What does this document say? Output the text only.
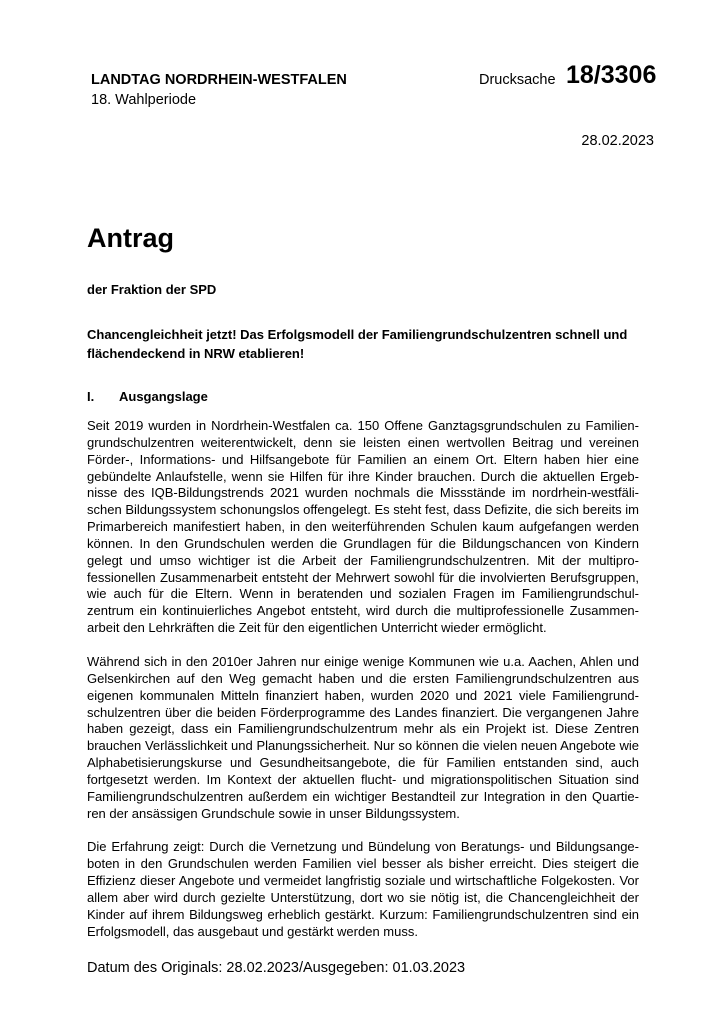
LANDTAG NORDRHEIN-WESTFALEN
18. Wahlperiode
Drucksache 18/3306
28.02.2023
Antrag
der Fraktion der SPD
Chancengleichheit jetzt! Das Erfolgsmodell der Familiengrundschulzentren schnell und flächendeckend in NRW etablieren!
I. Ausgangslage

Seit 2019 wurden in Nordrhein-Westfalen ca. 150 Offene Ganztagsgrundschulen zu Familiengrundschulzentren weiterentwickelt, denn sie leisten einen wertvollen Beitrag und vereinen Förder-, Informations- und Hilfsangebote für Familien an einem Ort. Eltern haben hier eine gebündelte Anlaufstelle, wenn sie Hilfen für ihre Kinder brauchen. Durch die aktuellen Ergebnisse des IQB-Bildungstrends 2021 wurden nochmals die Missstände im nordrhein-westfälischen Bildungssystem schonungslos offengelegt. Es steht fest, dass Defizite, die sich bereits im Primarbereich manifestiert haben, in den weiterführenden Schulen kaum aufgefangen werden können. In den Grundschulen werden die Grundlagen für die Bildungschancen von Kindern gelegt und umso wichtiger ist die Arbeit der Familiengrundschulzentren. Mit der multiprofessionellen Zusammenarbeit entsteht der Mehrwert sowohl für die involvierten Berufsgruppen, wie auch für die Eltern. Wenn in beratenden und sozialen Fragen im Familiengrundschulzentrum ein kontinuierliches Angebot entsteht, wird durch die multiprofessionelle Zusammenarbeit den Lehrkräften die Zeit für den eigentlichen Unterricht wieder ermöglicht.

Während sich in den 2010er Jahren nur einige wenige Kommunen wie u.a. Aachen, Ahlen und Gelsenkirchen auf den Weg gemacht haben und die ersten Familiengrundschulzentren aus eigenen kommunalen Mitteln finanziert haben, wurden 2020 und 2021 viele Familiengrundschulzentren über die beiden Förderprogramme des Landes finanziert. Die vergangenen Jahre haben gezeigt, dass ein Familiengrundschulzentrum mehr als ein Projekt ist. Diese Zentren brauchen Verlässlichkeit und Planungssicherheit. Nur so können die vielen neuen Angebote wie Alphabetisierungskurse und Gesundheitsangebote, die für Familien entstanden sind, auch fortgesetzt werden. Im Kontext der aktuellen flucht- und migrationspolitischen Situation sind Familiengrundschulzentren außerdem ein wichtiger Bestandteil zur Integration in den Quartieren der ansässigen Grundschule sowie in unser Bildungssystem.

Die Erfahrung zeigt: Durch die Vernetzung und Bündelung von Beratungs- und Bildungsangeboten in den Grundschulen werden Familien viel besser als bisher erreicht. Dies steigert die Effizienz dieser Angebote und vermeidet langfristig soziale und wirtschaftliche Folgekosten. Vor allem aber wird durch gezielte Unterstützung, dort wo sie nötig ist, die Chancengleichheit der Kinder auf ihrem Bildungsweg erheblich gestärkt. Kurzum: Familiengrundschulzentren sind ein Erfolgsmodell, das ausgebaut und gestärkt werden muss.

Datum des Originals: 28.02.2023/Ausgegeben: 01.03.2023
